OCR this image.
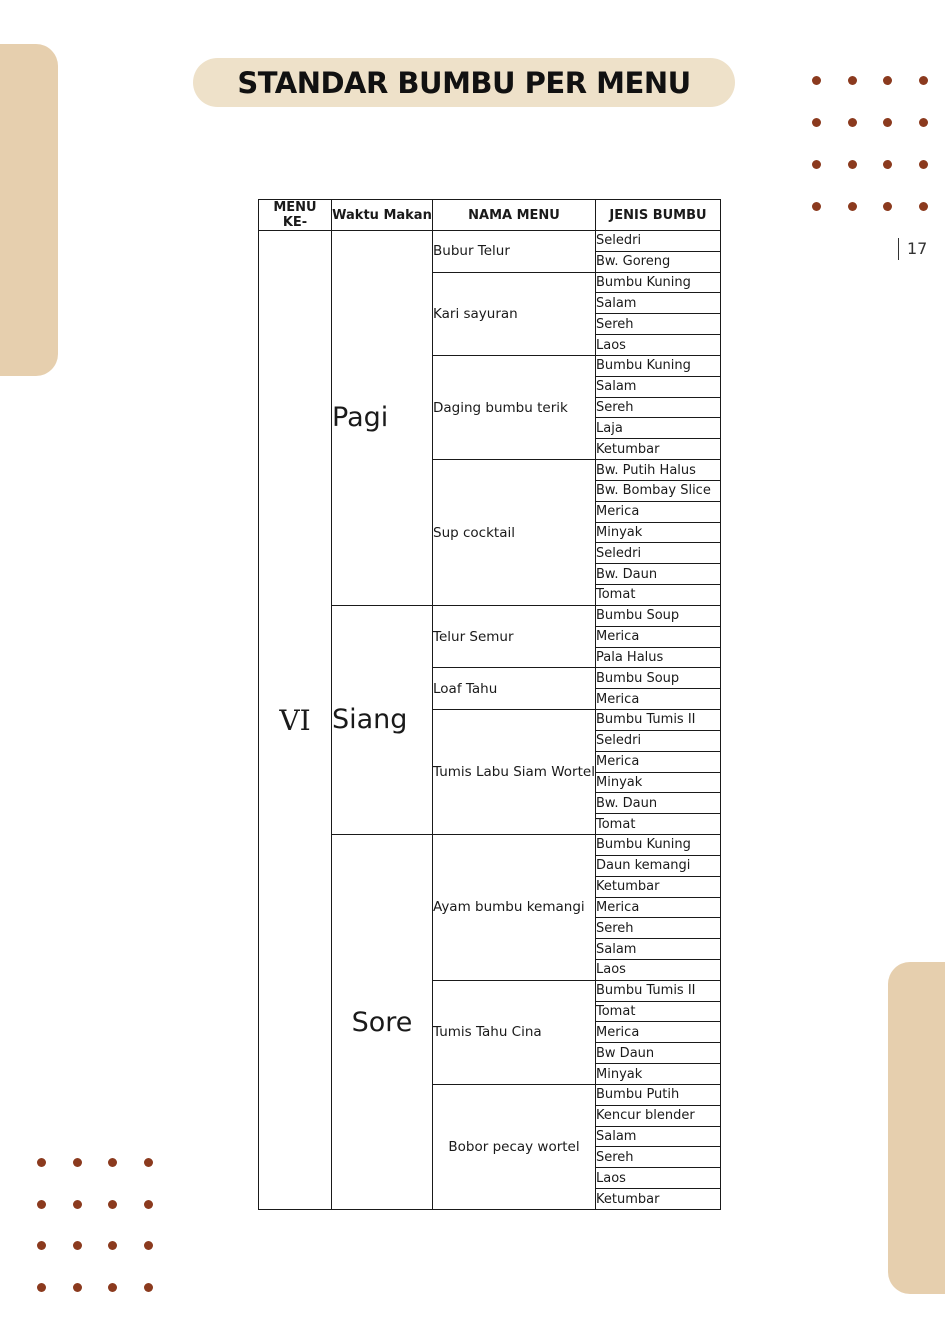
STANDAR BUMBU PER MENU
17
MENU KE-	Waktu Makan	NAMA MENU	JENIS BUMBU
VI	Pagi	Bubur Telur	Seledri
			Bw. Goreng
		Kari sayuran	Bumbu Kuning
			Salam
			Sereh
			Laos
		Daging bumbu terik	Bumbu Kuning
			Salam
			Sereh
			Laja
			Ketumbar
		Sup cocktail	Bw. Putih Halus
			Bw. Bombay Slice
			Merica
			Minyak
			Seledri
			Bw. Daun
			Tomat
	Siang	Telur Semur	Bumbu Soup
			Merica
			Pala Halus
		Loaf Tahu	Bumbu Soup
			Merica
		Tumis Labu Siam Wortel	Bumbu Tumis II
			Seledri
			Merica
			Minyak
			Bw. Daun
			Tomat
	Sore	Ayam bumbu kemangi	Bumbu Kuning
			Daun kemangi
			Ketumbar
			Merica
			Sereh
			Salam
			Laos
		Tumis Tahu Cina	Bumbu Tumis II
			Tomat
			Merica
			Bw Daun
			Minyak
		Bobor pecay wortel	Bumbu Putih
			Kencur blender
			Salam
			Sereh
			Laos
			Ketumbar
